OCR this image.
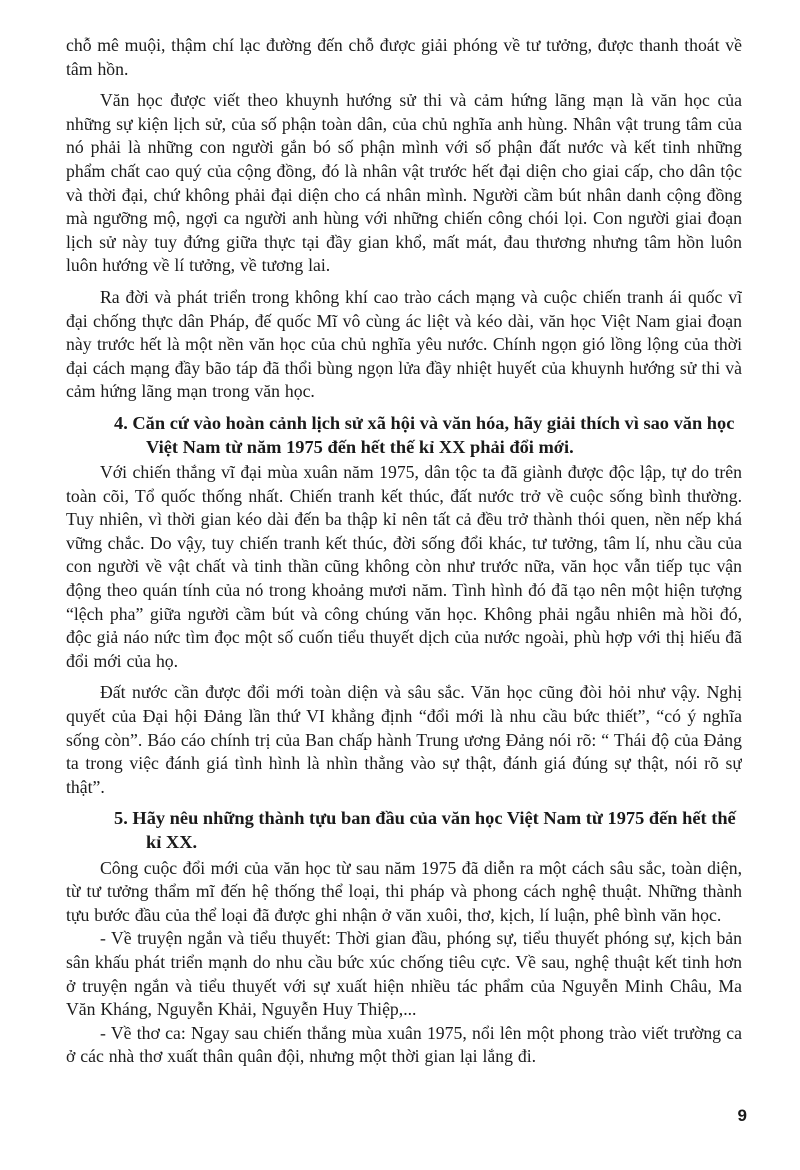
chỗ mê muội, thậm chí lạc đường đến chỗ được giải phóng về tư tưởng, được thanh thoát về tâm hồn.

Văn học được viết theo khuynh hướng sử thi và cảm hứng lãng mạn là văn học của những sự kiện lịch sử, của số phận toàn dân, của chủ nghĩa anh hùng. Nhân vật trung tâm của nó phải là những con người gắn bó số phận mình với số phận đất nước và kết tinh những phẩm chất cao quý của cộng đồng, đó là nhân vật trước hết đại diện cho giai cấp, cho dân tộc và thời đại, chứ không phải đại diện cho cá nhân mình. Người cầm bút nhân danh cộng đồng mà ngưỡng mộ, ngợi ca người anh hùng với những chiến công chói lọi. Con người giai đoạn lịch sử này tuy đứng giữa thực tại đầy gian khổ, mất mát, đau thương nhưng tâm hồn luôn luôn hướng về lí tưởng, về tương lai.

Ra đời và phát triển trong không khí cao trào cách mạng và cuộc chiến tranh ái quốc vĩ đại chống thực dân Pháp, đế quốc Mĩ vô cùng ác liệt và kéo dài, văn học Việt Nam giai đoạn này trước hết là một nền văn học của chủ nghĩa yêu nước. Chính ngọn gió lồng lộng của thời đại cách mạng đầy bão táp đã thổi bùng ngọn lửa đầy nhiệt huyết của khuynh hướng sử thi và cảm hứng lãng mạn trong văn học.

4. Căn cứ vào hoàn cảnh lịch sử xã hội và văn hóa, hãy giải thích vì sao văn học Việt Nam từ năm 1975 đến hết thế kỉ XX phải đổi mới.

Với chiến thắng vĩ đại mùa xuân năm 1975, dân tộc ta đã giành được độc lập, tự do trên toàn cõi, Tổ quốc thống nhất. Chiến tranh kết thúc, đất nước trở về cuộc sống bình thường. Tuy nhiên, vì thời gian kéo dài đến ba thập kỉ nên tất cả đều trở thành thói quen, nền nếp khá vững chắc. Do vậy, tuy chiến tranh kết thúc, đời sống đổi khác, tư tưởng, tâm lí, nhu cầu của con người về vật chất và tinh thần cũng không còn như trước nữa, văn học vẫn tiếp tục vận động theo quán tính của nó trong khoảng mươi năm. Tình hình đó đã tạo nên một hiện tượng “lệch pha” giữa người cầm bút và công chúng văn học. Không phải ngẫu nhiên mà hồi đó, độc giả náo nức tìm đọc một số cuốn tiểu thuyết dịch của nước ngoài, phù hợp với thị hiếu đã đổi mới của họ.

Đất nước cần được đổi mới toàn diện và sâu sắc. Văn học cũng đòi hỏi như vậy. Nghị quyết của Đại hội Đảng lần thứ VI khẳng định “đổi mới là nhu cầu bức thiết”, “có ý nghĩa sống còn”. Báo cáo chính trị của Ban chấp hành Trung ương Đảng nói rõ: “ Thái độ của Đảng ta trong việc đánh giá tình hình là nhìn thẳng vào sự thật, đánh giá đúng sự thật, nói rõ sự thật”.

5. Hãy nêu những thành tựu ban đầu của văn học Việt Nam từ 1975 đến hết thế kỉ XX.

Công cuộc đổi mới của văn học từ sau năm 1975 đã diễn ra một cách sâu sắc, toàn diện, từ tư tưởng thẩm mĩ đến hệ thống thể loại, thi pháp và phong cách nghệ thuật. Những thành tựu bước đầu của thể loại đã được ghi nhận ở văn xuôi, thơ, kịch, lí luận, phê bình văn học.

- Về truyện ngắn và tiểu thuyết: Thời gian đầu, phóng sự, tiểu thuyết phóng sự, kịch bản sân khấu phát triển mạnh do nhu cầu bức xúc chống tiêu cực. Về sau, nghệ thuật kết tinh hơn ở truyện ngắn và tiểu thuyết với sự xuất hiện nhiều tác phẩm của Nguyễn Minh Châu, Ma Văn Kháng, Nguyễn Khải, Nguyễn Huy Thiệp,...

- Về thơ ca: Ngay sau chiến thắng mùa xuân 1975, nổi lên một phong trào viết trường ca ở các nhà thơ xuất thân quân đội, nhưng một thời gian lại lắng đi.

9
